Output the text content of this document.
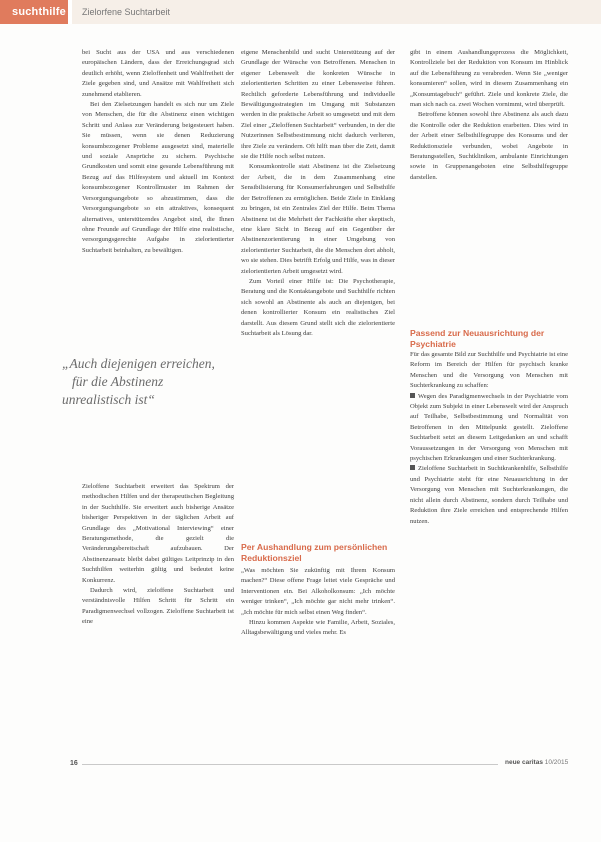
suchthilfe Zielorfene Suchtarbeit

bei Sucht aus der USA und aus verschiedenen europäischen Ländern, dass der Erreichungsgrad sich deutlich erhöht, wenn Zieloffenheit und Wahlfreiheit der Ziele gegeben sind, und Ansätze mit Wahlfreiheit sich zunehmend etablieren.

Bei den Zielsetzungen handelt es sich nur um Ziele von Menschen, die für die Abstinenz einen wichtigen Schritt und Anlass zur Veränderung beigesteuert haben. Sie müssen, wenn sie denen Reduzierung konsumbezogener Probleme ausgesetzt sind, materielle und soziale Ansprüche zu sichern. Psychische Grundkosten und somit eine gesunde Lebensführung mit Bezug auf das Hilfesystem und aktuell im Kontext konsumbezogener Kontrollmuster im Rahmen der Versorgungsangebote so abzustimmen, dass die Versorgungsangebote so ein attraktives, konsequent alternatives, unterstützendes Angebot sind, die Ihnen ohne Freunde auf Grundlage der Hilfe eine realistische, versorgungsgerechte Aufgabe in zielorientierter Suchtarbeit beinhalten, zu bewältigen.

„Auch diejenigen erreichen,
für die Abstinenz
unrealistisch ist“

Zieloffene Suchtarbeit erweitert das Spektrum der methodischen Hilfen und der therapeutischen Begleitung in der Suchthilfe. Sie erweitert auch bisherige Ansätze bisheriger Perspektiven in der täglichen Arbeit auf Grundlage des „Motivational Interviewing“ einer Beratungsmethode, die gezielt die Veränderungsbereitschaft aufzubauen. Der Abstinenzansatz bleibt dabei gültiges Leitprinzip in den Suchthilfen weiterhin gültig und bedeutet keine Konkurrenz.

Dadurch wird, zieloffene Suchtarbeit und verständnisvolle Hilfen Schritt für Schritt ein Paradigmenwechsel vollzogen. Zieloffene Suchtarbeit ist eine

eigene Menschenbild und sucht Unterstützung auf der Grundlage der Wünsche von Betroffenen. Menschen in eigener Lebenswelt die konkreten Wünsche in zielorientierten Schritten zu einer Lebensweise führen. Rechtlich geforderte Lebensführung und individuelle Bewältigungsstrategien im Umgang mit Substanzen werden in die praktische Arbeit so umgesetzt und mit dem Ziel einer „Zieloffenen Suchtarbeit“ verbunden, in der die Nutzerinnen Selbstbestimmung nicht dadurch verlieren, ihre Ziele zu verändern. Oft hilft man über die Zeit, damit sie die Hilfe noch selbst nutzen.

Konsumkontrolle statt Abstinenz ist die Zielsetzung der Arbeit, die in dem Zusammenhang eine Sensibilisierung für Konsumerfahrungen und Selbsthilfe der Betroffenen zu ermöglichen. Beide Ziele in Einklang zu bringen, ist ein Zentrales Ziel der Hilfe. Beim Thema Abstinenz ist die Mehrheit der Fachkräfte eher skeptisch, eine klare Sicht in Bezug auf ein Gegenüber der Abstinenzorientierung in einer Umgebung von zielorientierter Suchtarbeit, die die Menschen dort abholt, wo sie stehen. Dies betrifft Erfolg und Hilfe, was in dieser zielorientierten Arbeit umgesetzt wird.

Zum Vorteil einer Hilfe ist: Die Psychotherapie, Beratung und die Kontaktangebote und Suchthilfe richten sich sowohl an Abstinente als auch an diejenigen, bei denen kontrollierter Konsum ein realistisches Ziel darstellt. Aus diesem Grund stellt sich die zielorientierte Suchtarbeit als Lösung dar.

Per Aushandlung zum persönlichen Reduktionsziel

„Was möchten Sie zukünftig mit Ihrem Konsum machen?“ Diese offene Frage leitet viele Gespräche und Interventionen ein. Bei Alkoholkonsum: „Ich möchte weniger trinken“, „Ich möchte gar nicht mehr trinken“. „Ich möchte für mich selbst einen Weg finden“.

Hinzu kommen Aspekte wie Familie, Arbeit, Soziales, Alltagsbewältigung und vieles mehr. Es

gibt in einem Aushandlungsprozess die Möglichkeit, Kontrollziele bei der Reduktion von Konsum im Hinblick auf die Lebensführung zu verabreden. Wenn Sie „weniger konsumieren“ sollen, wird in diesem Zusammenhang ein „Konsumtagebuch“ geführt. Ziele und konkrete Ziele, die man sich nach ca. zwei Wochen vornimmt, wird überprüft.

Betroffene können sowohl ihre Abstinenz als auch dazu die Kontrolle oder die Reduktion erarbeiten. Dies wird in der Arbeit einer Selbsthilfegruppe des Konsums und der Reduktionsziele verbunden, wobei Angebote in Beratungsstellen, Suchtkliniken, ambulante Einrichtungen sowie in Gruppenangeboten eine Selbsthilfegruppe darstellen.

Passend zur Neuausrichtung der Psychiatrie

Für das gesamte Bild zur Suchthilfe und Psychiatrie ist eine Reform im Bereich der Hilfen für psychisch kranke Menschen und die Versorgung von Menschen mit Suchterkrankung zu schaffen:

Wegen des Paradigmenwechsels in der Psychiatrie vom Objekt zum Subjekt in einer Lebenswelt wird der Anspruch auf Teilhabe, Selbstbestimmung und Normalität von Betroffenen in den Mittelpunkt gestellt. Zieloffene Suchtarbeit setzt an diesem Leitgedanken an und schafft Voraussetzungen in der Versorgung von Menschen mit psychischen Erkrankungen und einer Suchterkrankung.

Zieloffene Suchtarbeit in Suchtkrankenhilfe, Selbsthilfe und Psychiatrie steht für eine Neuausrichtung in der Versorgung von Menschen mit Suchterkrankungen, die nicht allein durch Abstinenz, sondern durch Teilhabe und Reduktion ihre Ziele erreichen und entsprechende Hilfen nutzen.

16	neue caritas 10/2015
